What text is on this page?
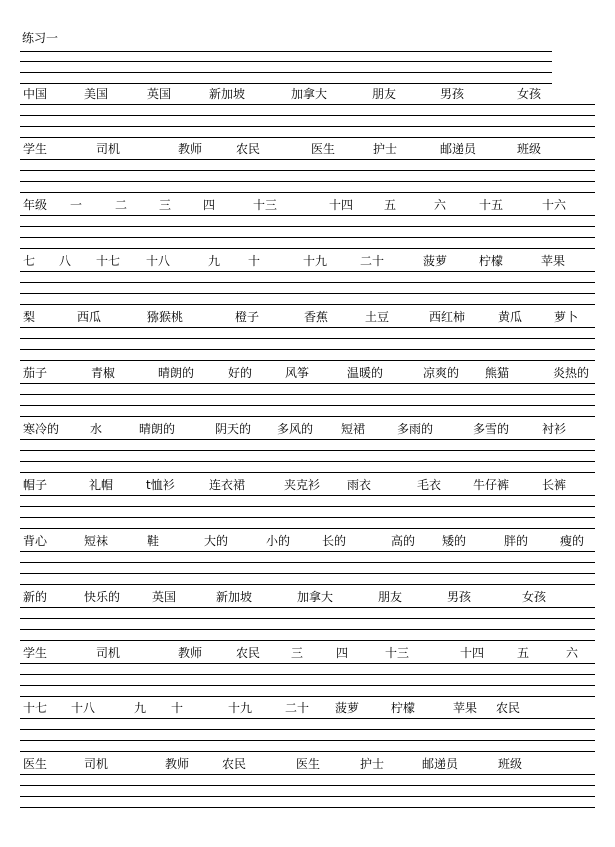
练习一
中国	美国	英国	新加坡	加拿大	朋友	男孩	女孩
学生	司机	教师	农民	医生	护士	邮递员	班级
年级 一	二	三	四	十三	十四	五	六	十五	十六
七 八 十七 十八	九 十	十九	二十	菠萝	柠檬	苹果
梨	西瓜	猕猴桃	橙子	香蕉	土豆	西红柿	黄瓜	萝卜
茄子	青椒	晴朗的	好的	风筝	温暖的	凉爽的 熊猫	炎热的
寒冷的	水	晴朗的	阴天的 多风的 短裙	多雨的	多雪的	衬衫
帽子	礼帽	t恤衫	连衣裙	夹克衫 雨衣	毛衣	牛仔裤	长裤
背心	短袜	鞋	大的	小的	长的	高的 矮的	胖的	瘦的
新的	快乐的	英国	新加坡	加拿大	朋友	男孩	女孩
学生	司机	教师	农民	三	四	十三	十四	五	六
十七 十八	九 十	十九	二十 菠萝	柠檬	苹果 农民
医生	司机	教师	农民	医生	护士	邮递员	班级
